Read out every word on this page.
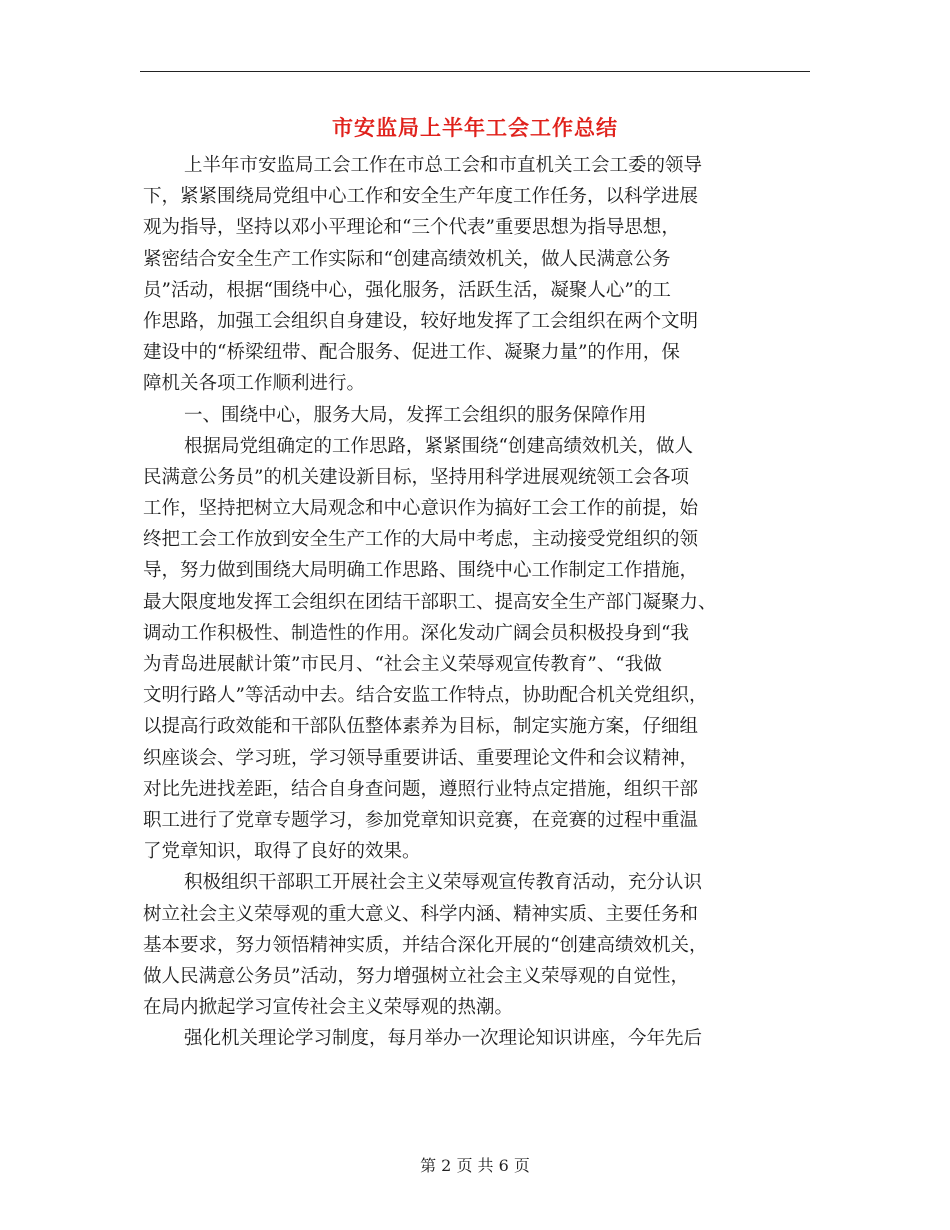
市安监局上半年工会工作总结
上半年市安监局工会工作在市总工会和市直机关工会工委的领导
下，紧紧围绕局党组中心工作和安全生产年度工作任务，以科学进展
观为指导，坚持以邓小平理论和“三个代表”重要思想为指导思想，
紧密结合安全生产工作实际和“创建高绩效机关，做人民满意公务
员”活动，根据“围绕中心，强化服务，活跃生活，凝聚人心”的工
作思路，加强工会组织自身建设，较好地发挥了工会组织在两个文明
建设中的“桥梁纽带、配合服务、促进工作、凝聚力量”的作用，保
障机关各项工作顺利进行。
一、围绕中心，服务大局，发挥工会组织的服务保障作用
根据局党组确定的工作思路，紧紧围绕“创建高绩效机关，做人
民满意公务员”的机关建设新目标，坚持用科学进展观统领工会各项
工作，坚持把树立大局观念和中心意识作为搞好工会工作的前提，始
终把工会工作放到安全生产工作的大局中考虑，主动接受党组织的领
导，努力做到围绕大局明确工作思路、围绕中心工作制定工作措施，
最大限度地发挥工会组织在团结干部职工、提高安全生产部门凝聚力、
调动工作积极性、制造性的作用。深化发动广阔会员积极投身到“我
为青岛进展献计策”市民月、“社会主义荣辱观宣传教育”、“我做
文明行路人”等活动中去。结合安监工作特点，协助配合机关党组织，
以提高行政效能和干部队伍整体素养为目标，制定实施方案，仔细组
织座谈会、学习班，学习领导重要讲话、重要理论文件和会议精神，
对比先进找差距，结合自身查问题，遵照行业特点定措施，组织干部
职工进行了党章专题学习，参加党章知识竞赛，在竞赛的过程中重温
了党章知识，取得了良好的效果。
积极组织干部职工开展社会主义荣辱观宣传教育活动，充分认识
树立社会主义荣辱观的重大意义、科学内涵、精神实质、主要任务和
基本要求，努力领悟精神实质，并结合深化开展的“创建高绩效机关，
做人民满意公务员”活动，努力增强树立社会主义荣辱观的自觉性，
在局内掀起学习宣传社会主义荣辱观的热潮。
强化机关理论学习制度，每月举办一次理论知识讲座，今年先后
第 2 页 共 6 页
